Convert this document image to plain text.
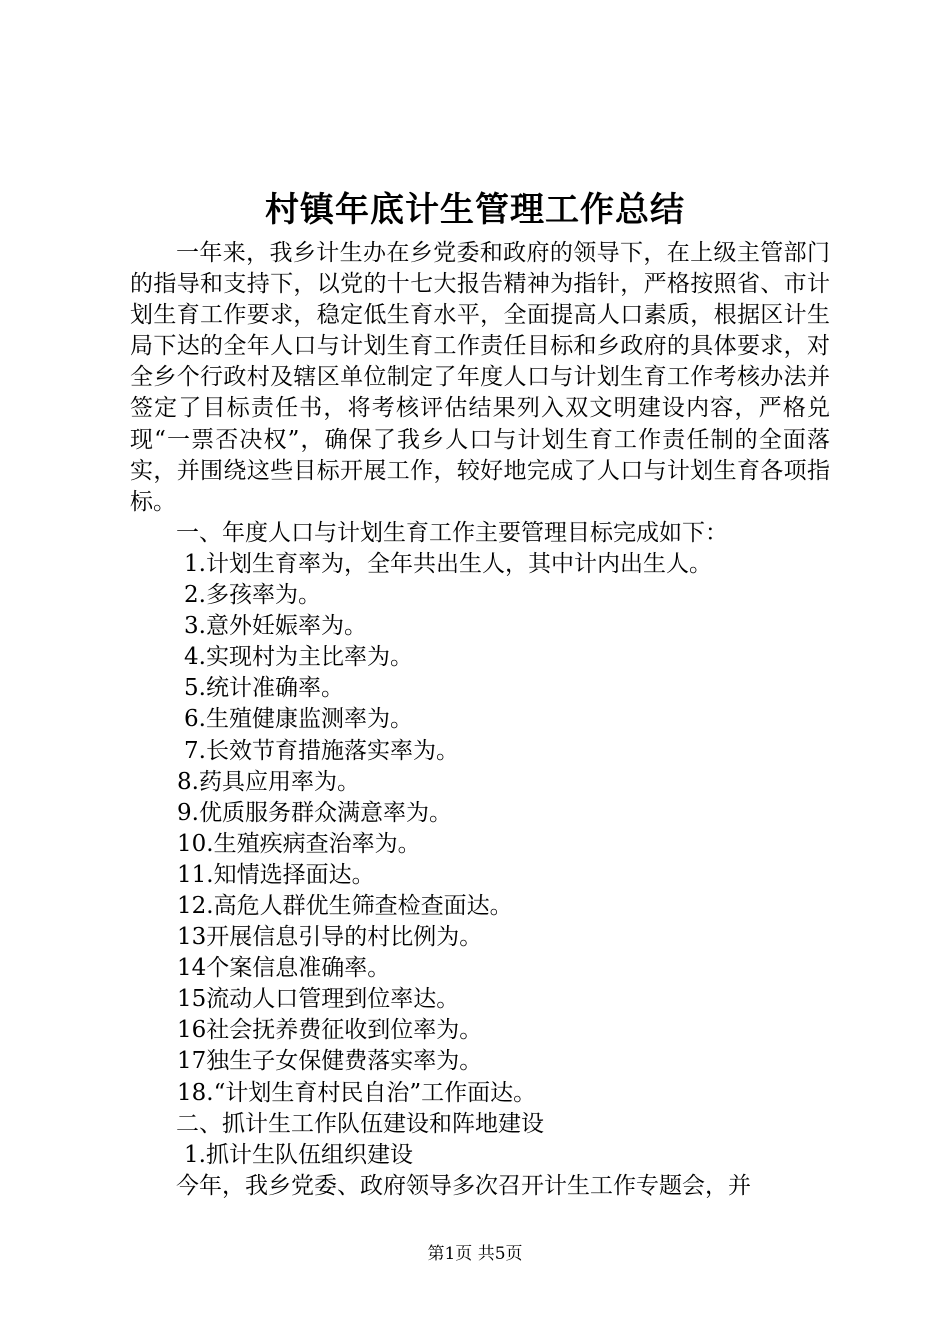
村镇年底计生管理工作总结

一年来，我乡计生办在乡党委和政府的领导下，在上级主管部门的指导和支持下，以党的十七大报告精神为指针，严格按照省、市计划生育工作要求，稳定低生育水平，全面提高人口素质，根据区计生局下达的全年人口与计划生育工作责任目标和乡政府的具体要求，对全乡个行政村及辖区单位制定了年度人口与计划生育工作考核办法并签定了目标责任书，将考核评估结果列入双文明建设内容，严格兑现“一票否决权”，确保了我乡人口与计划生育工作责任制的全面落实，并围绕这些目标开展工作，较好地完成了人口与计划生育各项指标。

一、年度人口与计划生育工作主要管理目标完成如下：

1.计划生育率为，全年共出生人，其中计内出生人。

2.多孩率为。

3.意外妊娠率为。

4.实现村为主比率为。

5.统计准确率。

6.生殖健康监测率为。

7.长效节育措施落实率为。

8.药具应用率为。

9.优质服务群众满意率为。

10.生殖疾病查治率为。

11.知情选择面达。

12.高危人群优生筛查检查面达。

13开展信息引导的村比例为。

14个案信息准确率。

15流动人口管理到位率达。

16社会抚养费征收到位率为。

17独生子女保健费落实率为。

18.“计划生育村民自治”工作面达。

二、抓计生工作队伍建设和阵地建设

1.抓计生队伍组织建设

今年，我乡党委、政府领导多次召开计生工作专题会，并

第1页 共5页
